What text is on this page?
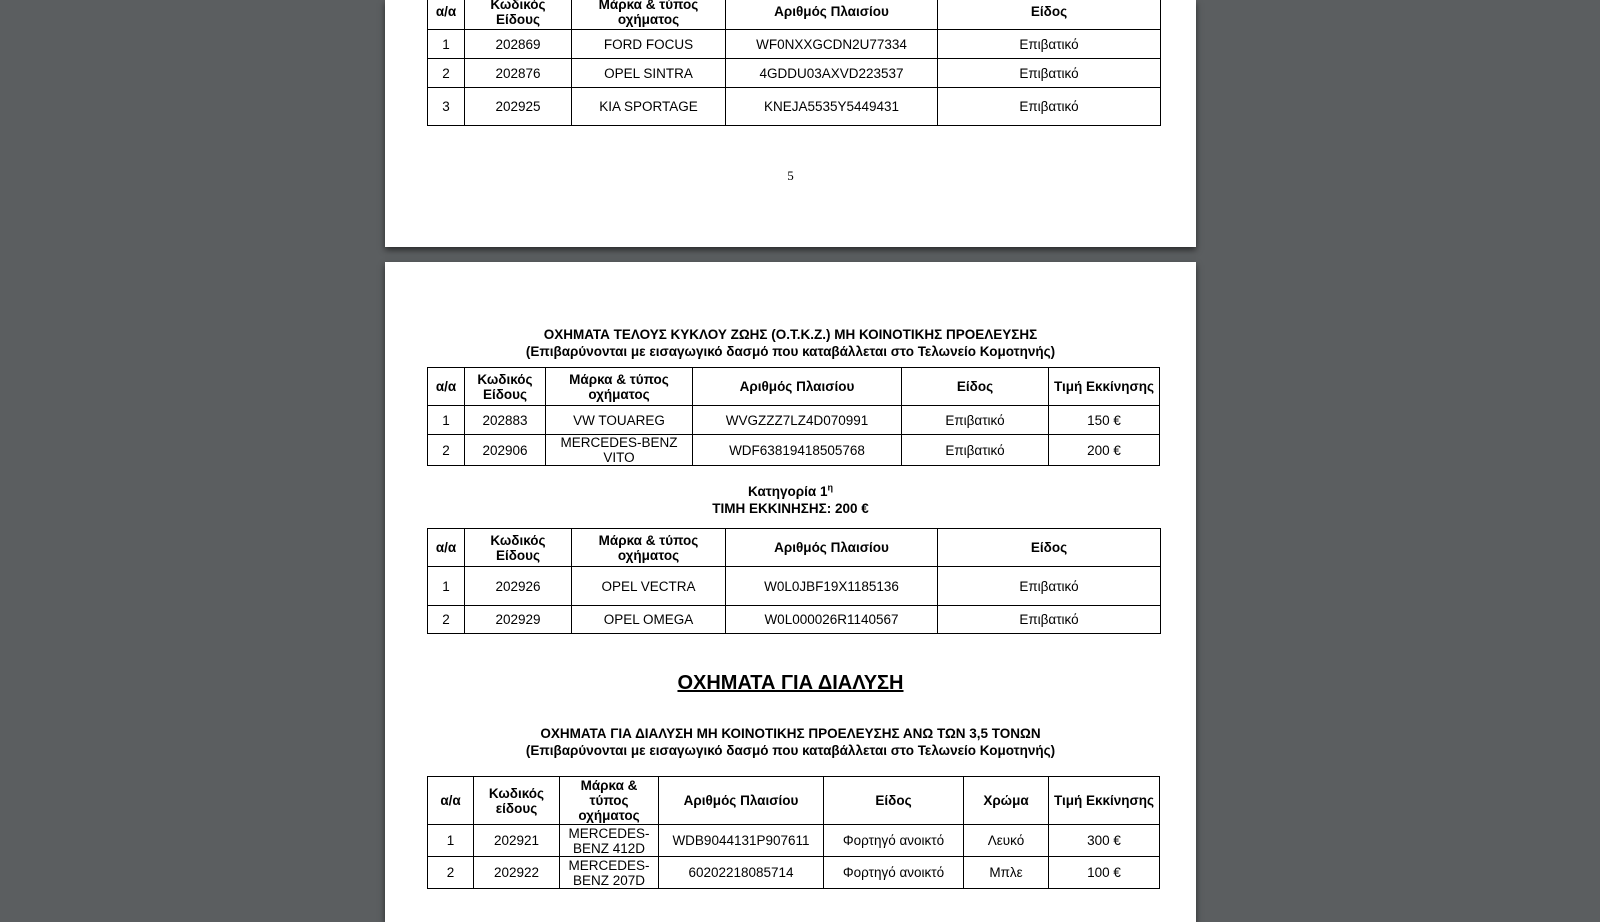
α/α	Κωδικός Είδους	Μάρκα & τύπος οχήματος	Αριθμός Πλαισίου	Είδος
1	202869	FORD FOCUS	WF0NXXGCDN2U77334	Επιβατικό
2	202876	OPEL SINTRA	4GDDU03AXVD223537	Επιβατικό
3	202925	KIA SPORTAGE	KNEJA5535Y5449431	Επιβατικό
5
ΟΧΗΜΑΤΑ ΤΕΛΟΥΣ ΚΥΚΛΟΥ ΖΩΗΣ (Ο.Τ.Κ.Ζ.) ΜΗ ΚΟΙΝΟΤΙΚΗΣ ΠΡΟΕΛΕΥΣΗΣ
(Επιβαρύνονται με εισαγωγικό δασμό που καταβάλλεται στο Τελωνείο Κομοτηνής)
α/α	Κωδικός Είδους	Μάρκα & τύπος οχήματος	Αριθμός Πλαισίου	Είδος	Τιμή Εκκίνησης
1	202883	VW TOUAREG	WVGZZZ7LZ4D070991	Επιβατικό	150 €
2	202906	MERCEDES-BENZ VITO	WDF63819418505768	Επιβατικό	200 €
Κατηγορία $1^\eta$
ΤΙΜΗ ΕΚΚΙΝΗΣΗΣ: 200 €
α/α	Κωδικός Είδους	Μάρκα & τύπος οχήματος	Αριθμός Πλαισίου	Είδος
1	202926	OPEL VECTRA	W0L0JBF19X1185136	Επιβατικό
2	202929	OPEL OMEGA	W0L000026R1140567	Επιβατικό
ΟΧΗΜΑΤΑ ΓΙΑ ΔΙΑΛΥΣΗ
ΟΧΗΜΑΤΑ ΓΙΑ ΔΙΑΛΥΣΗ ΜΗ ΚΟΙΝΟΤΙΚΗΣ ΠΡΟΕΛΕΥΣΗΣ ΑΝΩ ΤΩΝ 3,5 ΤΟΝΩΝ
(Επιβαρύνονται με εισαγωγικό δασμό που καταβάλλεται στο Τελωνείο Κομοτηνής)
α/α	Κωδικός είδους	Μάρκα & τύπος οχήματος	Αριθμός Πλαισίου	Είδος	Χρώμα	Τιμή Εκκίνησης
1	202921	MERCEDES-BENZ 412D	WDB9044131P907611	Φορτηγό ανοικτό	Λευκό	300 €
2	202922	MERCEDES-BENZ 207D	60202218085714	Φορτηγό ανοικτό	Μπλε	100 €
